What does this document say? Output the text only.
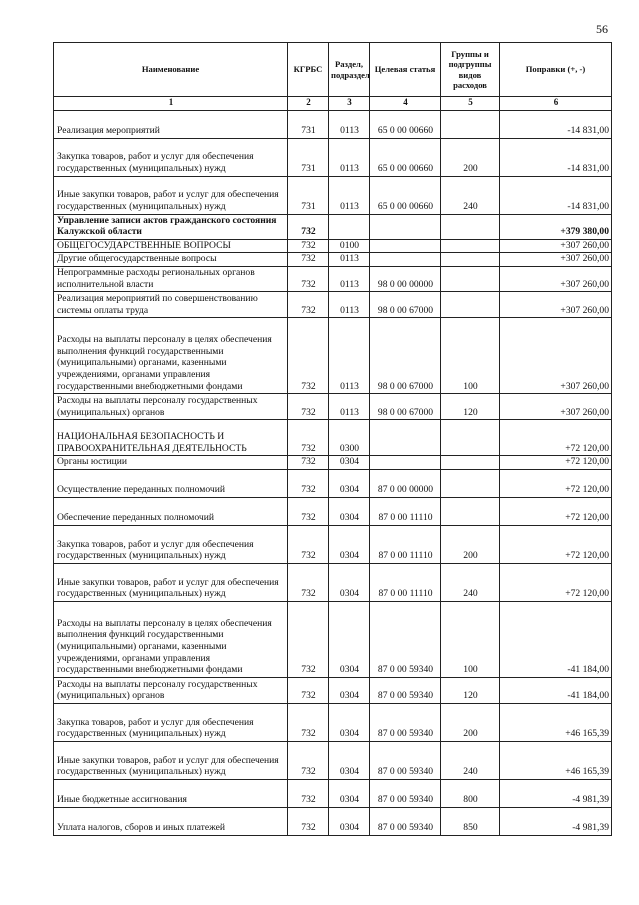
56
Наименование	КГРБС	Раздел, подраздел	Целевая статья	Группы и подгруппы видов расходов	Поправки (+, -)
1	2	3	4	5	6
Реализация мероприятий	731	0113	65 0 00 00660		-14 831,00
Закупка товаров, работ и услуг для обеспечения государственных (муниципальных) нужд	731	0113	65 0 00 00660	200	-14 831,00
Иные закупки товаров, работ и услуг для обеспечения государственных (муниципальных) нужд	731	0113	65 0 00 00660	240	-14 831,00
Управление записи актов гражданского состояния Калужской области	732				+379 380,00
ОБЩЕГОСУДАРСТВЕННЫЕ ВОПРОСЫ	732	0100			+307 260,00
Другие общегосударственные вопросы	732	0113			+307 260,00
Непрограммные расходы региональных органов исполнительной власти	732	0113	98 0 00 00000		+307 260,00
Реализация мероприятий по совершенствованию системы оплаты труда	732	0113	98 0 00 67000		+307 260,00
Расходы на выплаты персоналу в целях обеспечения выполнения функций государственными (муниципальными) органами, казенными учреждениями, органами управления государственными внебюджетными фондами	732	0113	98 0 00 67000	100	+307 260,00
Расходы на выплаты персоналу государственных (муниципальных) органов	732	0113	98 0 00 67000	120	+307 260,00
НАЦИОНАЛЬНАЯ БЕЗОПАСНОСТЬ И ПРАВООХРАНИТЕЛЬНАЯ ДЕЯТЕЛЬНОСТЬ	732	0300			+72 120,00
Органы юстиции	732	0304			+72 120,00
Осуществление переданных полномочий	732	0304	87 0 00 00000		+72 120,00
Обеспечение переданных полномочий	732	0304	87 0 00 11110		+72 120,00
Закупка товаров, работ и услуг для обеспечения государственных (муниципальных) нужд	732	0304	87 0 00 11110	200	+72 120,00
Иные закупки товаров, работ и услуг для обеспечения государственных (муниципальных) нужд	732	0304	87 0 00 11110	240	+72 120,00
Расходы на выплаты персоналу в целях обеспечения выполнения функций государственными (муниципальными) органами, казенными учреждениями, органами управления государственными внебюджетными фондами	732	0304	87 0 00 59340	100	-41 184,00
Расходы на выплаты персоналу государственных (муниципальных) органов	732	0304	87 0 00 59340	120	-41 184,00
Закупка товаров, работ и услуг для обеспечения государственных (муниципальных) нужд	732	0304	87 0 00 59340	200	+46 165,39
Иные закупки товаров, работ и услуг для обеспечения государственных (муниципальных) нужд	732	0304	87 0 00 59340	240	+46 165,39
Иные бюджетные ассигнования	732	0304	87 0 00 59340	800	-4 981,39
Уплата налогов, сборов и иных платежей	732	0304	87 0 00 59340	850	-4 981,39
